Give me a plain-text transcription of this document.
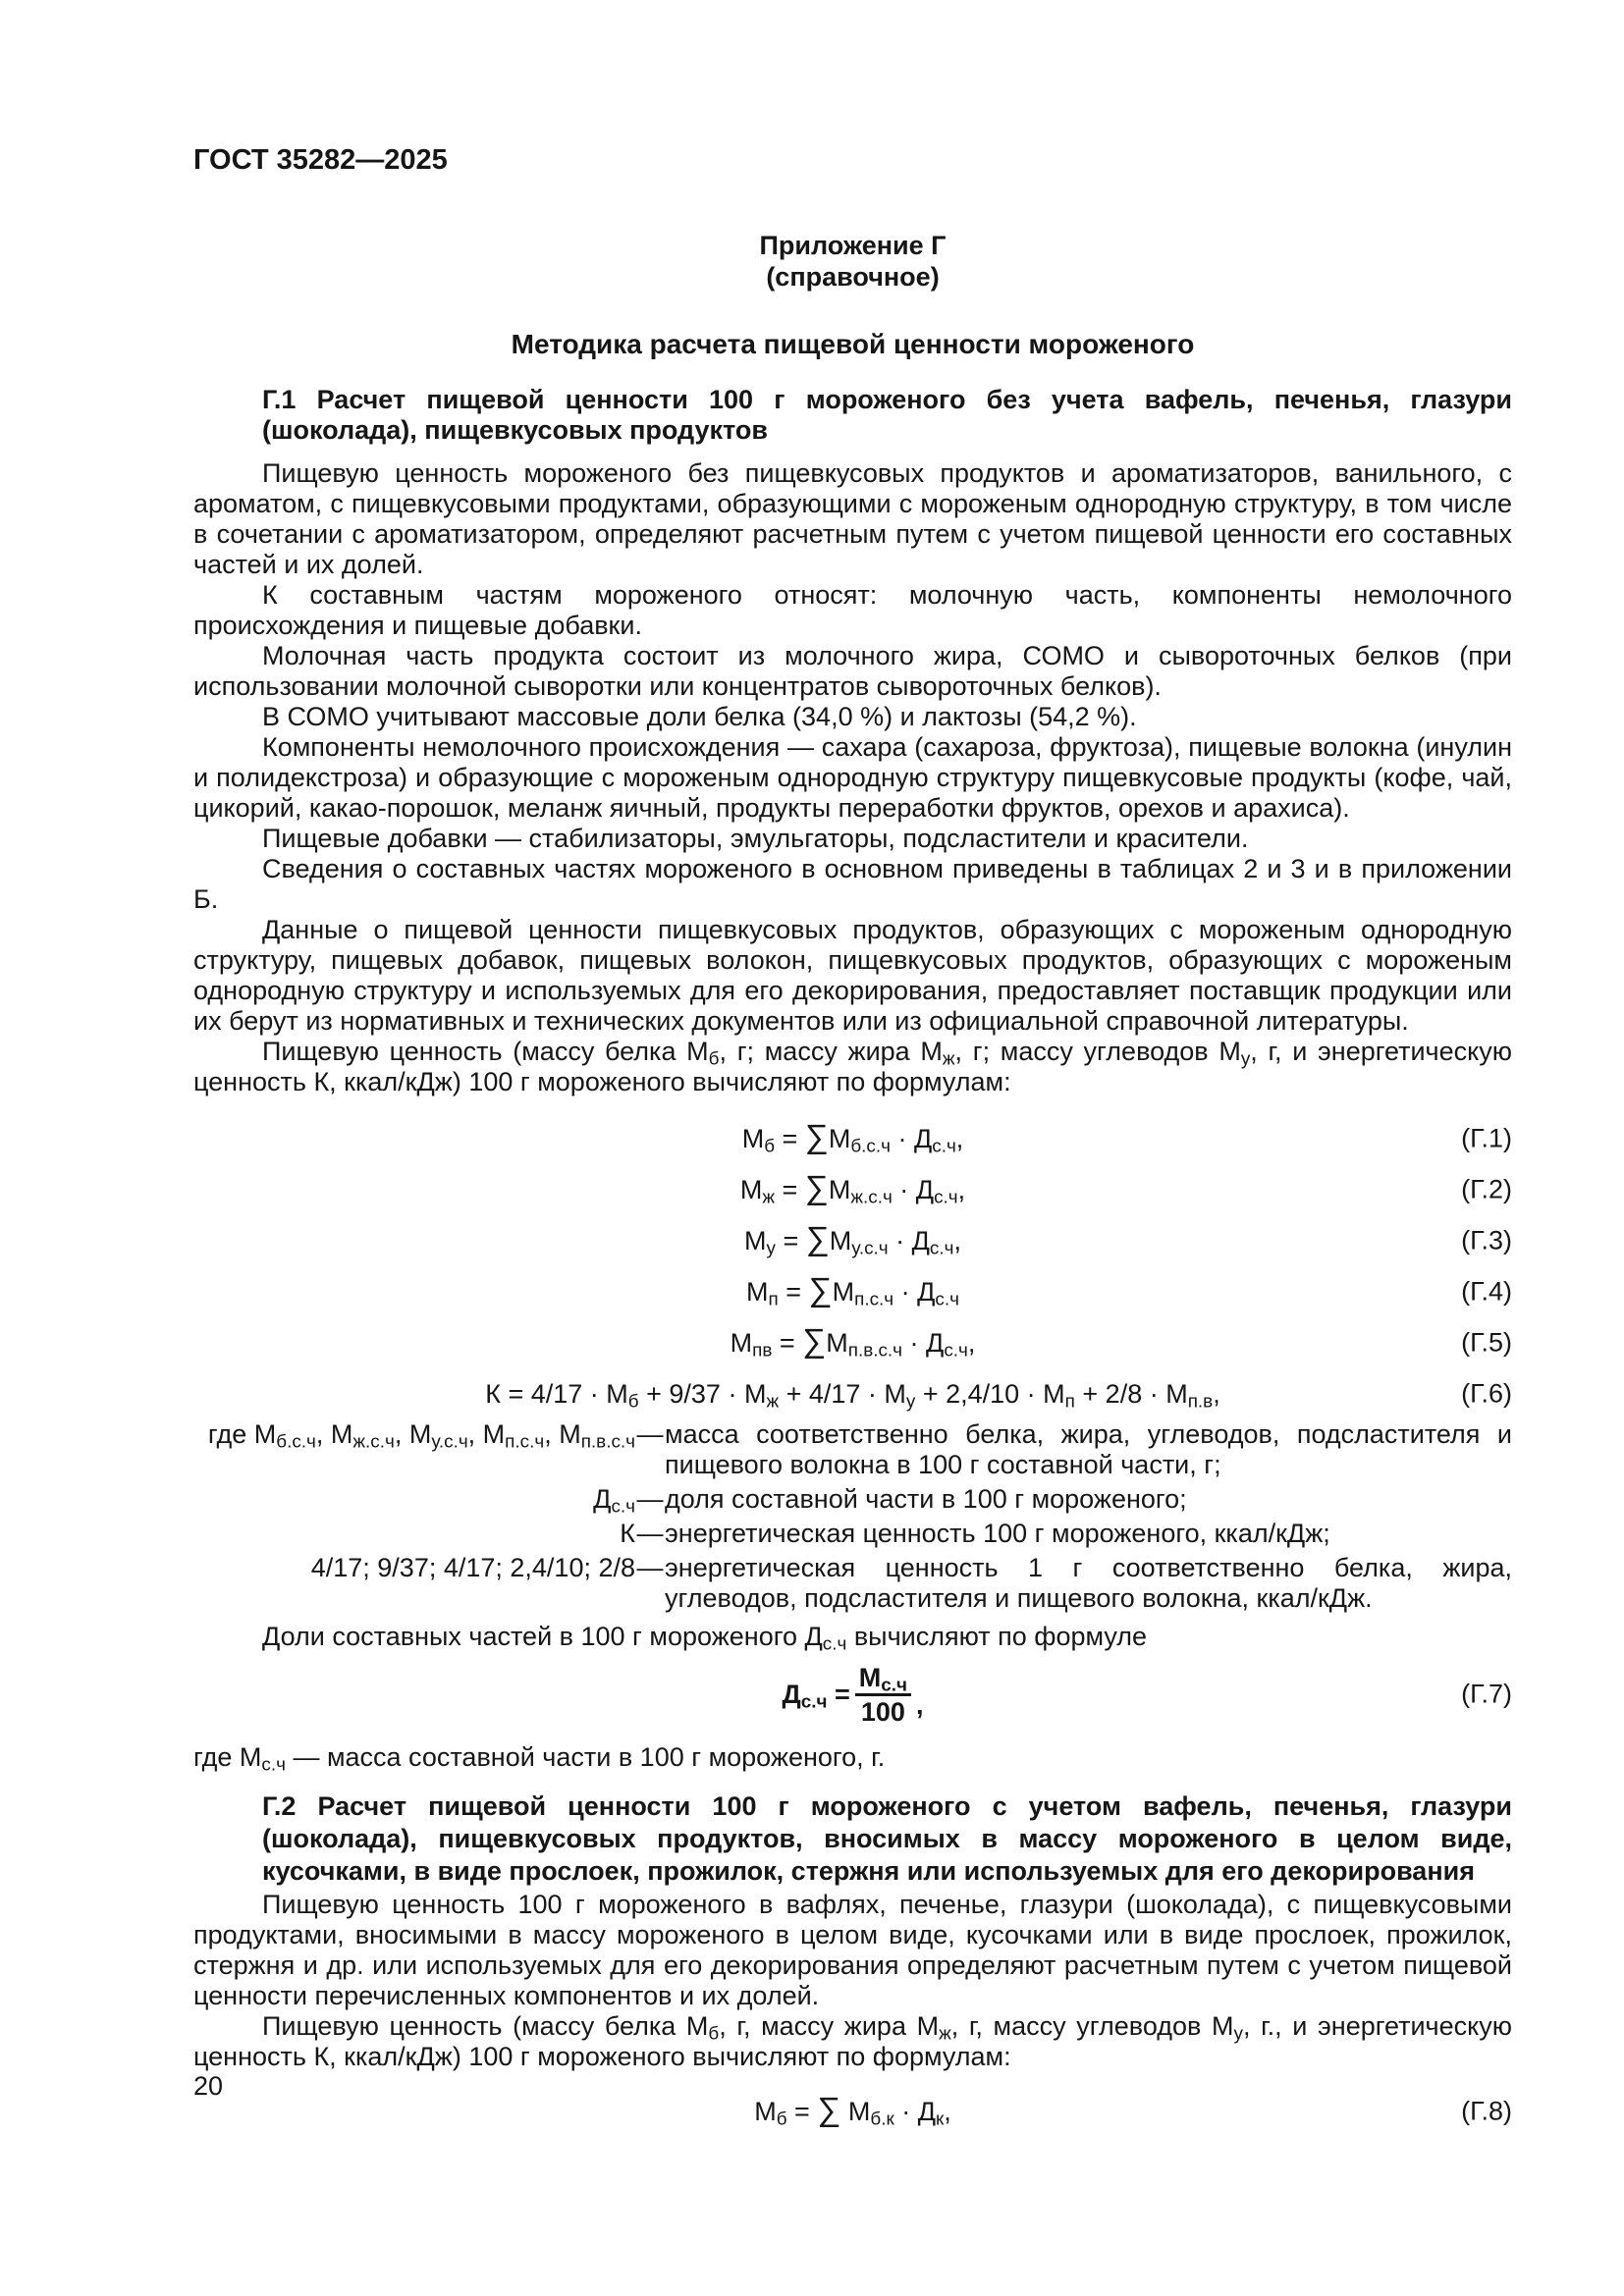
ГОСТ 35282—2025
Приложение Г
(справочное)
Методика расчета пищевой ценности мороженого
Г.1 Расчет пищевой ценности 100 г мороженого без учета вафель, печенья, глазури (шоколада), пищевкусовых продуктов

Пищевую ценность мороженого без пищевкусовых продуктов и ароматизаторов, ванильного, с ароматом, с пищевкусовыми продуктами, образующими с мороженым однородную структуру, в том числе в сочетании с ароматизатором, определяют расчетным путем с учетом пищевой ценности его составных частей и их долей.

К составным частям мороженого относят: молочную часть, компоненты немолочного происхождения и пищевые добавки.

Молочная часть продукта состоит из молочного жира, СОМО и сывороточных белков (при использовании молочной сыворотки или концентратов сывороточных белков).

В СОМО учитывают массовые доли белка (34,0 %) и лактозы (54,2 %).

Компоненты немолочного происхождения — сахара (сахароза, фруктоза), пищевые волокна (инулин и полидекстроза) и образующие с мороженым однородную структуру пищевкусовые продукты (кофе, чай, цикорий, какао-порошок, меланж яичный, продукты переработки фруктов, орехов и арахиса).

Пищевые добавки — стабилизаторы, эмульгаторы, подсластители и красители.

Сведения о составных частях мороженого в основном приведены в таблицах 2 и 3 и в приложении Б.

Данные о пищевой ценности пищевкусовых продуктов, образующих с мороженым однородную структуру, пищевых добавок, пищевых волокон, пищевкусовых продуктов, образующих с мороженым однородную структуру и используемых для его декорирования, предоставляет поставщик продукции или их берут из нормативных и технических документов или из официальной справочной литературы.

Пищевую ценность (массу белка $М_б$, г; массу жира $М_ж$, г; массу углеводов $М_у$, г, и энергетическую ценность К, ккал/кДж) 100 г мороженого вычисляют по формулам:

$М_б = \sum М_{б.с.ч} \cdot Д_{с.ч}$,	(Г.1)
$М_ж = \sum М_{ж.с.ч} \cdot Д_{с.ч}$,	(Г.2)
$М_у = \sum М_{у.с.ч} \cdot Д_{с.ч}$,	(Г.3)
$М_п = \sum М_{п.с.ч} \cdot Д_{с.ч}$	(Г.4)
$М_{пв} = \sum М_{п.в.с.ч} \cdot Д_{с.ч}$,	(Г.5)
$К = 4/17 \cdot М_б + 9/37 \cdot М_ж + 4/17 \cdot М_у + 2,4/10 \cdot М_п + 2/8 \cdot М_{п.в}$,	(Г.6)
где $М_{б.с.ч}$, $М_{ж.с.ч}$, $М_{у.с.ч}$, $М_{п.с.ч}$, $М_{п.в.с.ч}$ — масса соответственно белка, жира, углеводов, подсластителя и пищевого волокна в 100 г составной части, г;
$Д_{с.ч}$ — доля составной части в 100 г мороженого;
К — энергетическая ценность 100 г мороженого, ккал/кДж;
4/17; 9/37; 4/17; 2,4/10; 2/8 — энергетическая ценность 1 г соответственно белка, жира, углеводов, подсластителя и пищевого волокна, ккал/кДж.

Доли составных частей в 100 г мороженого $Д_{с.ч}$ вычисляют по формуле

$Д_{с.ч} = \frac{М_{с.ч}}{100}$ ,	(Г.7)

где $М_{с.ч}$ — масса составной части в 100 г мороженого, г.

Г.2 Расчет пищевой ценности 100 г мороженого с учетом вафель, печенья, глазури (шоколада), пищевкусовых продуктов, вносимых в массу мороженого в целом виде, кусочками, в виде прослоек, прожилок, стержня или используемых для его декорирования

Пищевую ценность 100 г мороженого в вафлях, печенье, глазури (шоколада), с пищевкусовыми продуктами, вносимыми в массу мороженого в целом виде, кусочками или в виде прослоек, прожилок, стержня и др. или используемых для его декорирования определяют расчетным путем с учетом пищевой ценности перечисленных компонентов и их долей.

Пищевую ценность (массу белка $М_б$, г, массу жира $М_ж$, г, массу углеводов $М_у$, г., и энергетическую ценность К, ккал/кДж) 100 г мороженого вычисляют по формулам:

$М_б$ = ∑ $М_{б.к} \cdot Д_к$,	(Г.8)
20
